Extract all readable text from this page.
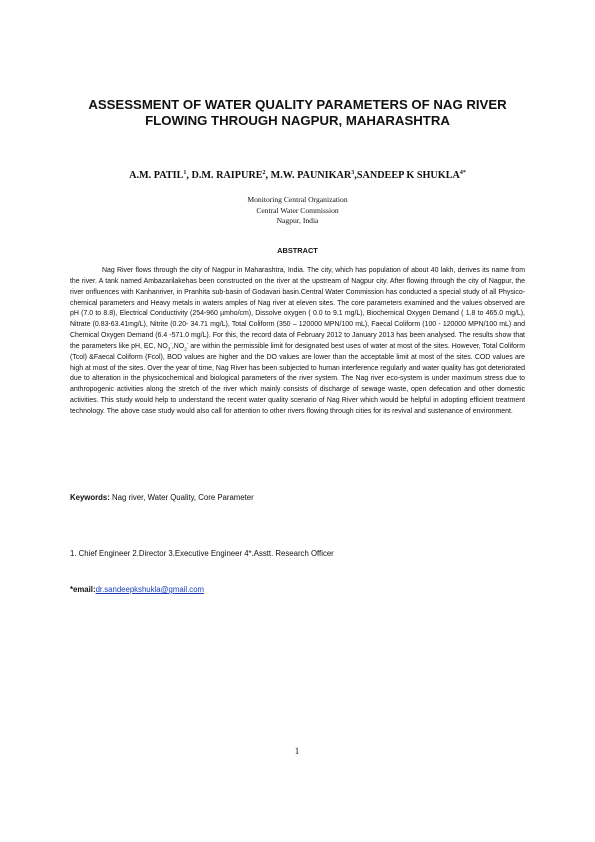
ASSESSMENT OF WATER QUALITY PARAMETERS OF NAG RIVER
FLOWING THROUGH NAGPUR, MAHARASHTRA
A.M. PATIL$^1$, D.M. RAIPURE$^2$, M.W. PAUNIKAR$^3$,SANDEEP K $SHUKLA^{4*}$
Monitoring Central Organization
Central Water Commission
Nagpur, India
ABSTRACT

Nag River flows through the city of Nagpur in Maharashtra, India. The city, which has population of about 40 lakh, derives its name from the river. A tank named Ambazarilakehas been constructed on the river at the upstream of Nagpur city. After flowing through the city of Nagpur, the river onfluences with Kanhanriver, in Pranhita sub-basin of Godavari basin.Central Water Commission has conducted a special study of all Physico-chemical parameters and Heavy metals in waters amples of Nag river at eleven sites. The core parameters examined and the values observed are pH (7.0 to 8.8), Electrical Conductivity (254-960 µmho/cm), Dissolve oxygen ( 0.0 to 9.1 mg/L), Biochemical Oxygen Demand ( 1.8 to 465.0 mg/L), Nitrate (0.83-63.41mg/L), Nitrite (0.20- 34.71 mg/L), Total Coliform (350 – 120000 MPN/100 mL), Faecal Coliform (100 - 120000 MPN/100 mL) and Chemical Oxygen Demand (6.4 -571.0 mg/L). For this, the record data of February 2012 to January 2013 has been analysed. The results show that the parameters like pH, EC, $NO_3^-,NO_2^-$ are within the permissible limit for designated best uses of water at most of the sites. However, Total Coliform (Tcol) &Faecal Coliform (Fcol), BOD values are higher and the DO values are lower than the acceptable limit at most of the sites. COD values are high at most of the sites. Over the year of time, Nag River has been subjected to human interference regularly and water quality has got deteriorated due to alteration in the physicochemical and biological parameters of the river system. The Nag river eco-system is under maximum stress due to anthropogenic activities along the stretch of the river which mainly consists of discharge of sewage waste, open defecation and other domestic activities. This study would help to understand the recent water quality scenario of Nag River which would be helpful in adopting efficient treatment technology. The above case study would also call for attention to other rivers flowing through cities for its revival and sustenance of environment.

Keywords: Nag river, Water Quality, Core Parameter
1. Chief Engineer 2.Director 3.Executive Engineer 4*.Asstt. Research Officer
*email:dr.sandeepkshukla@gmail.com
1
